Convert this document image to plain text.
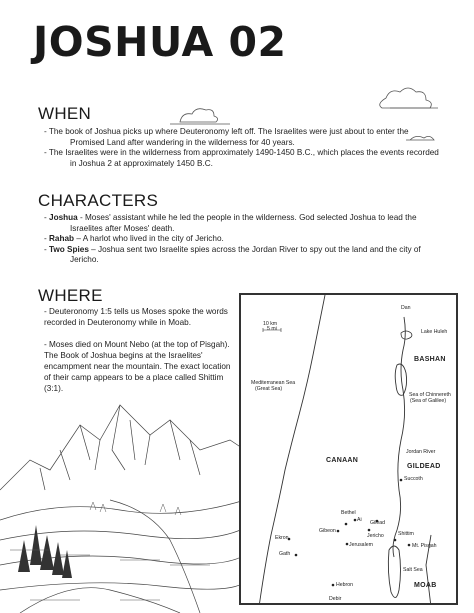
JOSHUA 02
WHEN

- The book of Joshua picks up where Deuteronomy left off. The Israelites were just about to enter the Promised Land after wandering in the wilderness for 40 years.

- The Israelites were in the wilderness from approximately 1490-1450 B.C., which places the events recorded in Joshua 2 at approximately 1450 B.C.

CHARACTERS

- Joshua - Moses' assistant while he led the people in the wilderness. God selected Joshua to lead the Israelites after Moses' death.

- Rahab – A harlot who lived in the city of Jericho.

- Two Spies – Joshua sent two Israelite spies across the Jordan River to spy out the land and the city of Jericho.

WHERE

- Deuteronomy 1:5 tells us Moses spoke the words recorded in Deuteronomy while in Moab.

- Moses died on Mount Nebo (at the top of Pisgah). The Book of Joshua begins at the Israelites' encampment near the mountain. The exact location of their camp appears to be a place called Shittim (3:1).

Dan
10 km
5 mi	Lake Huleh
BASHAN
Mediterranean Sea
(Great Sea)
Sea of Chinnereth
(Sea of Galilee)
Jordan River
CANAAN
GILDEAD
Succoth
Bethel
Ai Gilead
Gibeon
Jericho	Shittim
Ekron
Jerusalem	Mt. Pisgah
Gath
Salt Sea
Hebron	MOAB
Debir
